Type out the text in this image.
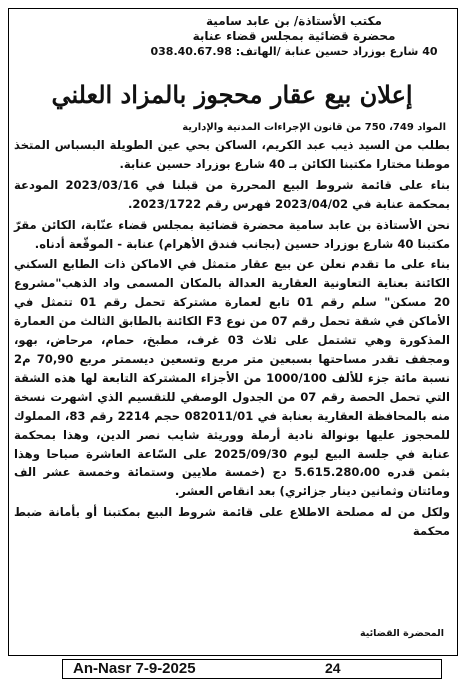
مكتب الأستاذة/ بن عابد سامية
محضرة قضائية بمجلس قضاء عنابة
40 شارع بوزراد حسين عنابة /الهاتف: 038.40.67.98
إعلان بيع عقار محجوز بالمزاد العلني
المواد 749، 750 من قانون الإجراءات المدنية والإدارية

بطلب من السيد ذيب عبد الكريم، الساكن بحي عين الطويلة البسباس المتخذ موطنا مختارا مكتبنا الكائن بـ 40 شارع بوزراد حسين عنابة.

بناء على قائمة شروط البيع المحررة من قبلنا في 2023/03/16 المودعة بمحكمة عنابة في 2023/04/02 فهرس رقم 2023/1722.

نحن الأستاذة بن عابد سامية محضرة قضائية بمجلس قضاء عنّابة، الكائن مقرّ مكتبنا 40 شارع بوزراد حسين (بجانب فندق الأهرام) عنابة - الموقّعة أدناه.

بناء على ما تقدم نعلن عن بيع عقار متمثل في الاماكن ذات الطابع السكني الكائنة بعناية التعاونية العقارية العدالة بالمكان المسمى واد الذهب"مشروع 20 مسكن" سلم رقم 01 تابع لعمارة مشتركة تحمل رقم 01 تتمثل في الأماكن في شقة تحمل رقم 07 من نوع F3 الكائنة بالطابق الثالث من العمارة المذكورة وهي تشتمل على ثلاث 03 غرف، مطبخ، حمام، مرحاض، بهو، ومجفف تقدر مساحتها بسبعين متر مربع وتسعين ديسمتر مربع 70,90 م2 نسبة مائة جزء للألف 1000/100 من الأجزاء المشتركة التابعة لها هذه الشقة التي تحمل الحصة رقم 07 من الجدول الوصفي للتقسيم الذي اشهرت نسخة منه بالمحافظة العقارية بعنابة في 082011/01 حجم 2214 رقم 83، المملوك للمحجوز عليها بونوالة نادية أرملة ووريثة شايب نصر الدين، وهذا بمحكمة عنابة في جلسة البيع ليوم 2025/09/30 على السّاعة العاشرة صباحا وهذا بثمن قدره 5.615.280،00 دج (خمسة ملايين وستمائة وخمسة عشر الف ومائتان وثمانين دينار جزائري) بعد انقاص العشر.

ولكل من له مصلحة الاطلاع على قائمة شروط البيع بمكتبنا أو بأمانة ضبط محكمة

المحضرة القضائية
An-Nasr 7-9-2025	24
